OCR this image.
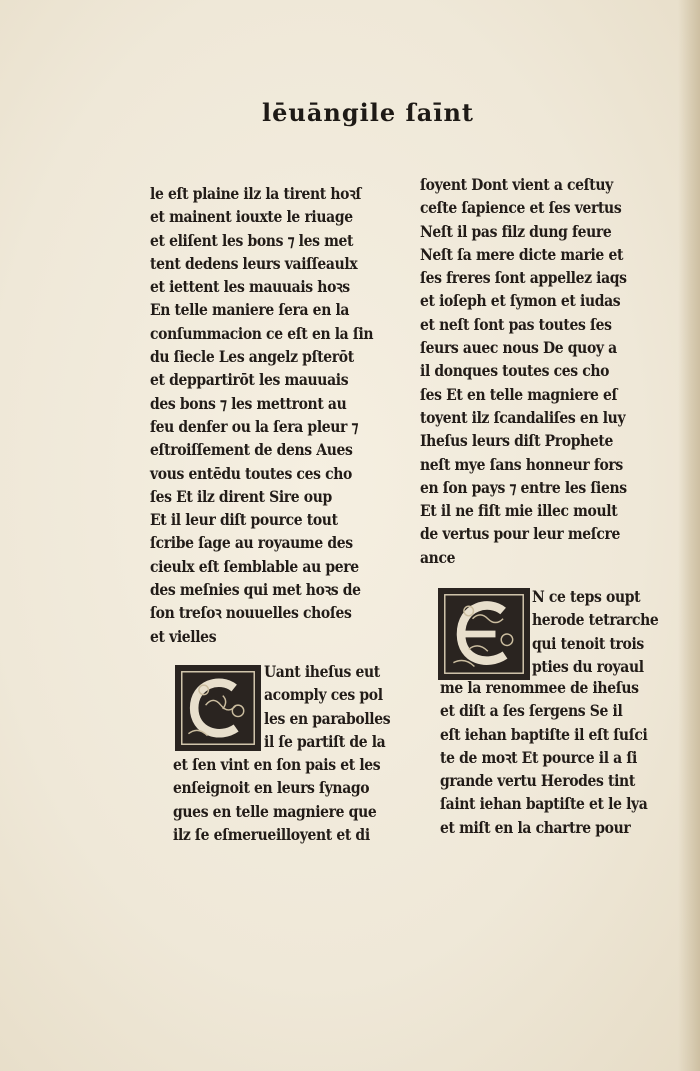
lēuāngile ſaīnt
le eſt plaine ilz la tirent hoꝛſ
et mainent iouxte le riuage
et eliſent les bons ⁊ les met
tent dedens leurs vaiſſeaulx
et iettent les mauuais hoꝛs
En telle maniere ſera en la
conſummacion ce eſt en la ſin
du ſiecle Les angelz pſterōt
et deppartirōt les mauuais
des bons ⁊ les mettront au
feu denfer ou la ſera pleur ⁊
eſtroiſſement de dens Aues
vous entēdu toutes ces cho
ſes Et ilz dirent Sire oup
Et il leur diſt pource tout
ſcribe ſage au royaume des
cieulx eſt ſemblable au pere
des meſnies qui met hoꝛs de
ſon treſoꝛ nouuelles choſes
et vielles
Uant iheſus eut
acomply ces pol
les en parabolles
il ſe partiſt de la
et ſen vint en ſon pais et les
enſeignoit en leurs ſynago
gues en telle magniere que
ilz ſe eſmerueilloyent et di
ſoyent Dont vient a ceſtuy
ceſte ſapience et ſes vertus
Neſt il pas filz dung feure
Neſt ſa mere dicte marie et
ſes freres ſont appellez iaqs
et ioſeph et ſymon et iudas
et neſt ſont pas toutes ſes
ſeurs auec nous De quoy a
il donques toutes ces cho
ſes Et en telle magniere eſ
toyent ilz ſcandaliſes en luy
Iheſus leurs diſt Prophete
neſt mye ſans honneur fors
en ſon pays ⁊ entre les ſiens
Et il ne fiſt mie illec moult
de vertus pour leur meſcre
ance
N ce teps oupt
herode tetrarche
qui tenoit trois
pties du royaul
me la renommee de iheſus
et diſt a ſes ſergens Se il
eſt iehan baptiſte il eſt ſuſci
te de moꝛt Et pource il a ſi
grande vertu Herodes tint
ſaint iehan baptiſte et le lya
et miſt en la chartre pour
